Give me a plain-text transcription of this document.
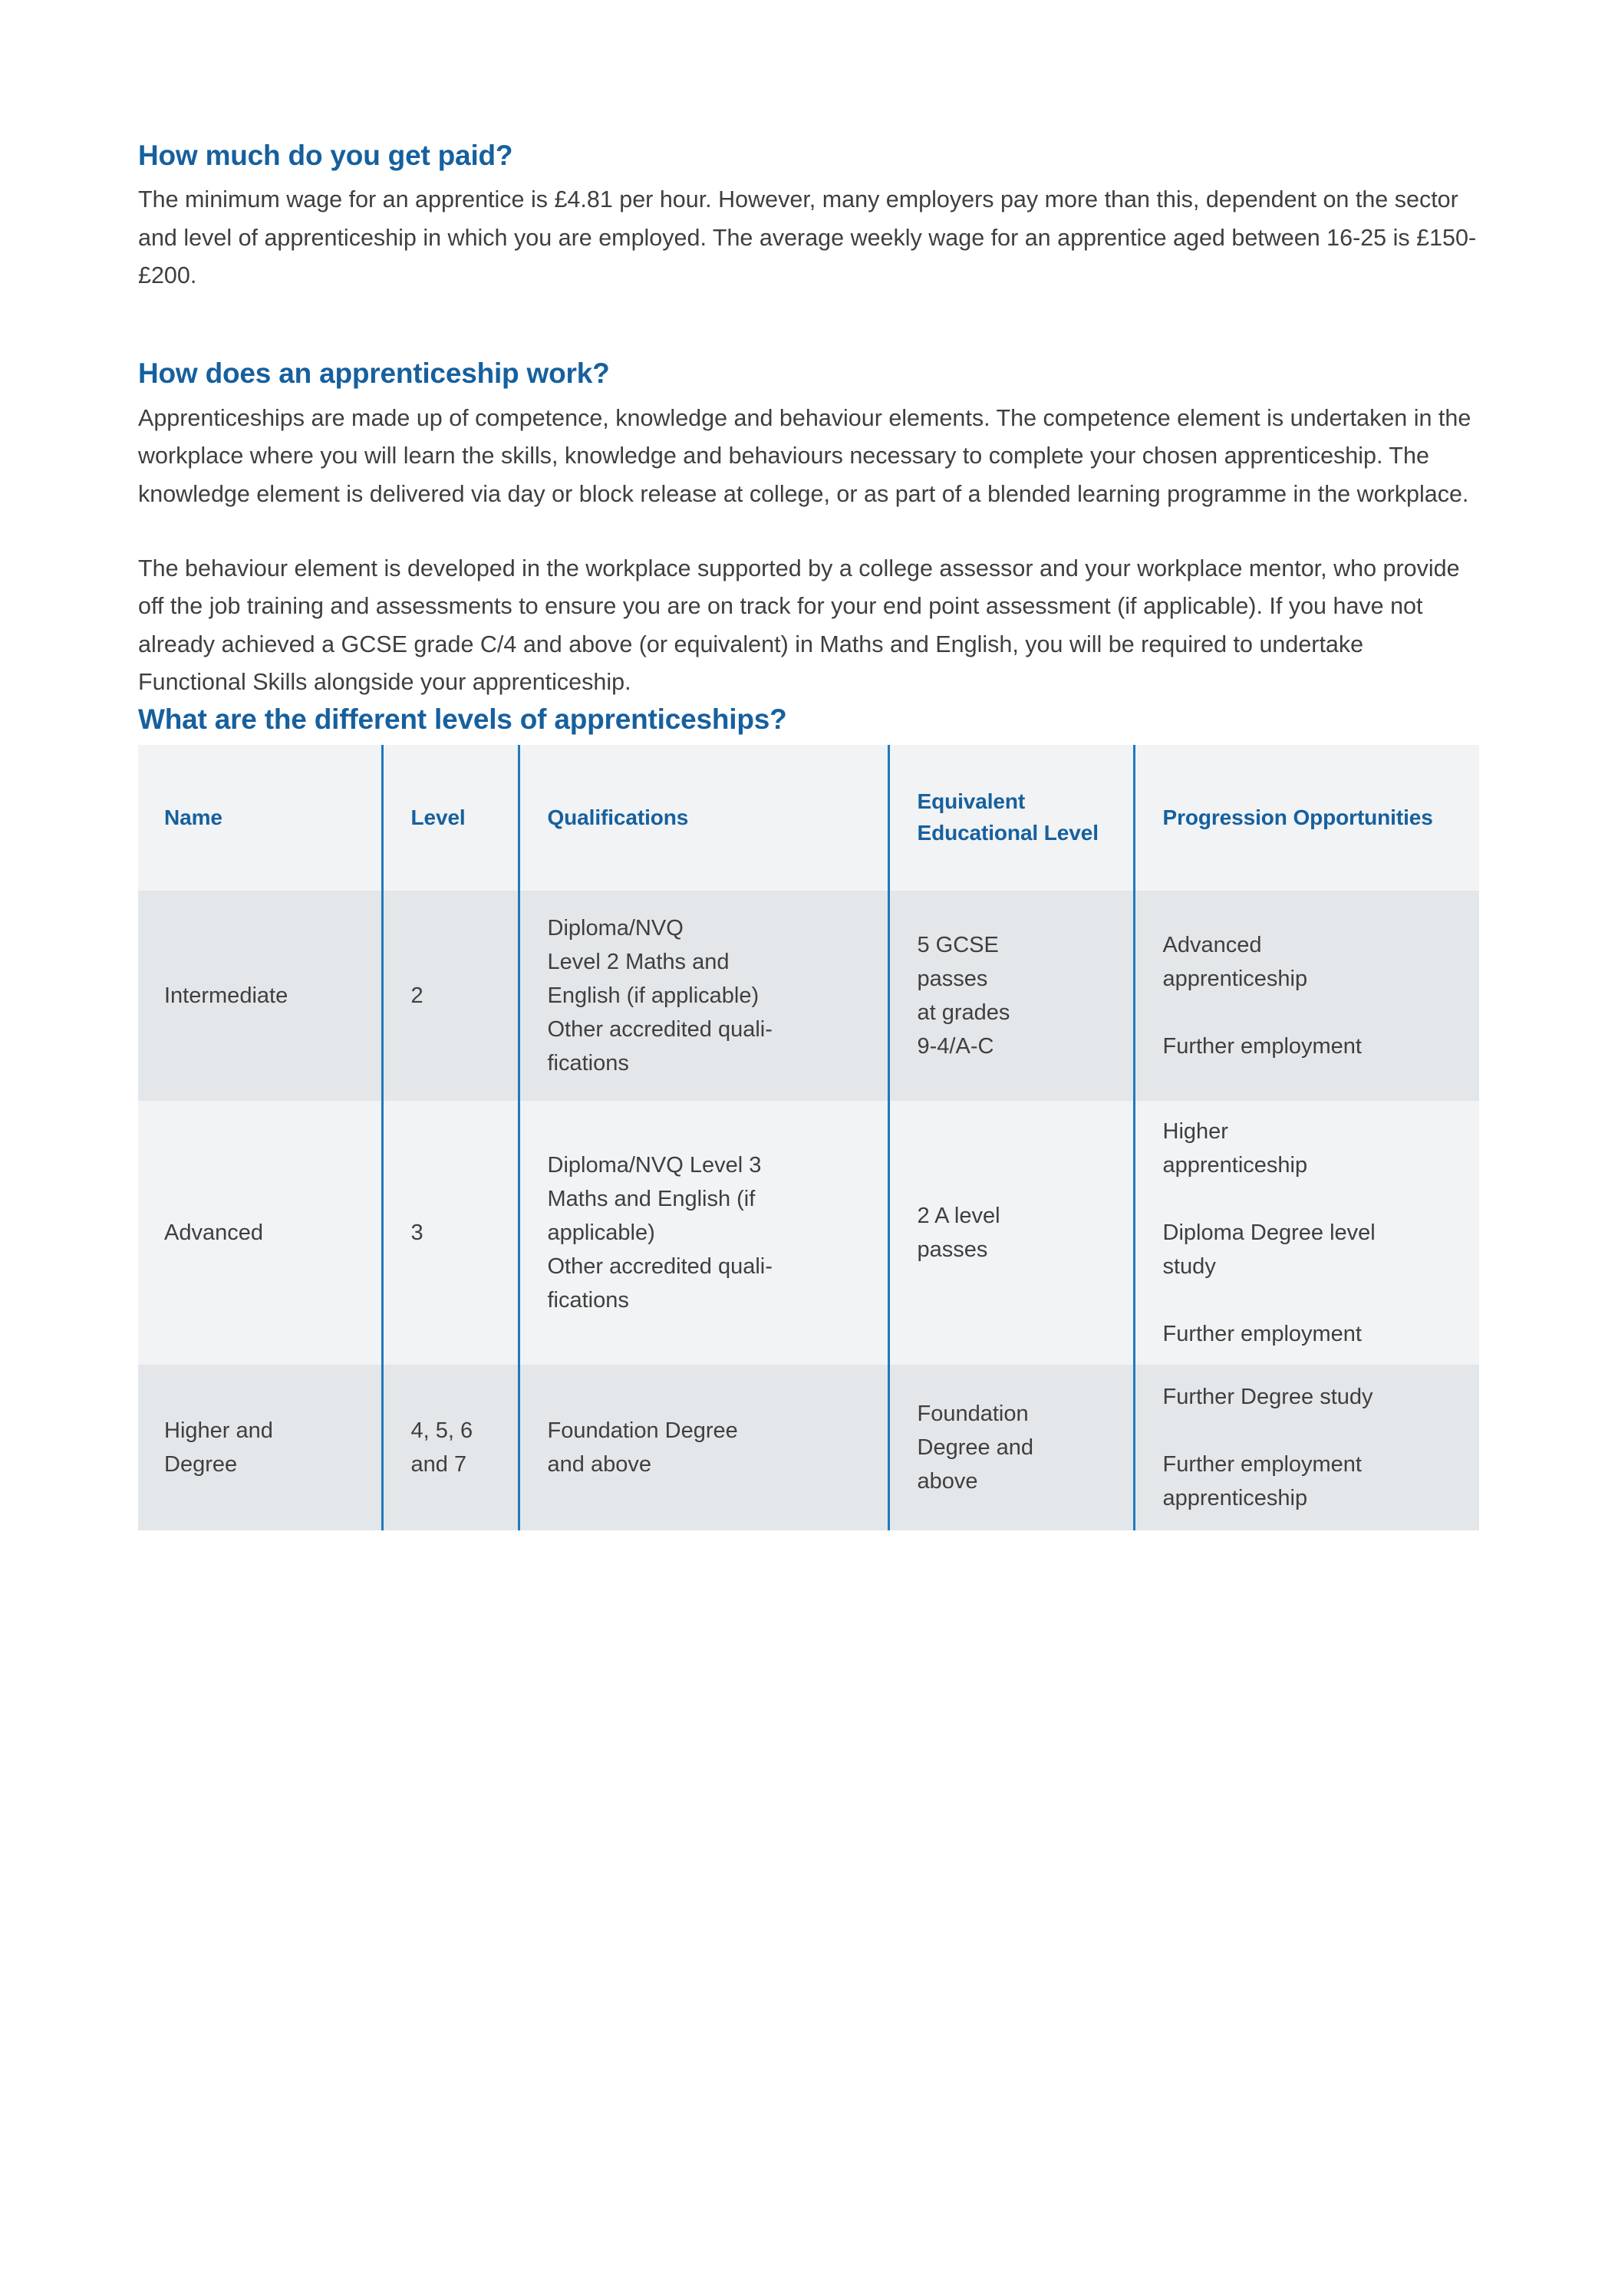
How much do you get paid?

The minimum wage for an apprentice is £4.81 per hour. However, many employers pay more than this, dependent on the sector and level of apprenticeship in which you are employed. The average weekly wage for an apprentice aged between 16-25 is £150-£200.

How does an apprenticeship work?

Apprenticeships are made up of competence, knowledge and behaviour elements. The competence element is undertaken in the workplace where you will learn the skills, knowledge and behaviours necessary to complete your chosen apprenticeship. The knowledge element is delivered via day or block release at college, or as part of a blended learning programme in the workplace.

The behaviour element is developed in the workplace supported by a college assessor and your workplace mentor, who provide off the job training and assessments to ensure you are on track for your end point assessment (if applicable). If you have not already achieved a GCSE grade C/4 and above (or equivalent) in Maths and English, you will be required to undertake Functional Skills alongside your apprenticeship.

What are the different levels of apprenticeships?
Name	Level	Qualifications	Equivalent Educational Level	Progression Opportunities
Intermediate	2	Diploma/NVQ
Level 2 Maths and
English (if applicable)
Other accredited quali-
fications	5 GCSE
passes
at grades
9-4/A-C	Advanced
apprenticeship
Further employment

Advanced	3	Diploma/NVQ Level 3
Maths and English (if
applicable)
Other accredited quali-
fications	2 A level
passes	Higher
apprenticeship
Diploma Degree level
study
Further employment

Higher and
Degree	4, 5, 6
and 7	Foundation Degree
and above	Foundation
Degree and
above	Further Degree study
Further employment
apprenticeship
